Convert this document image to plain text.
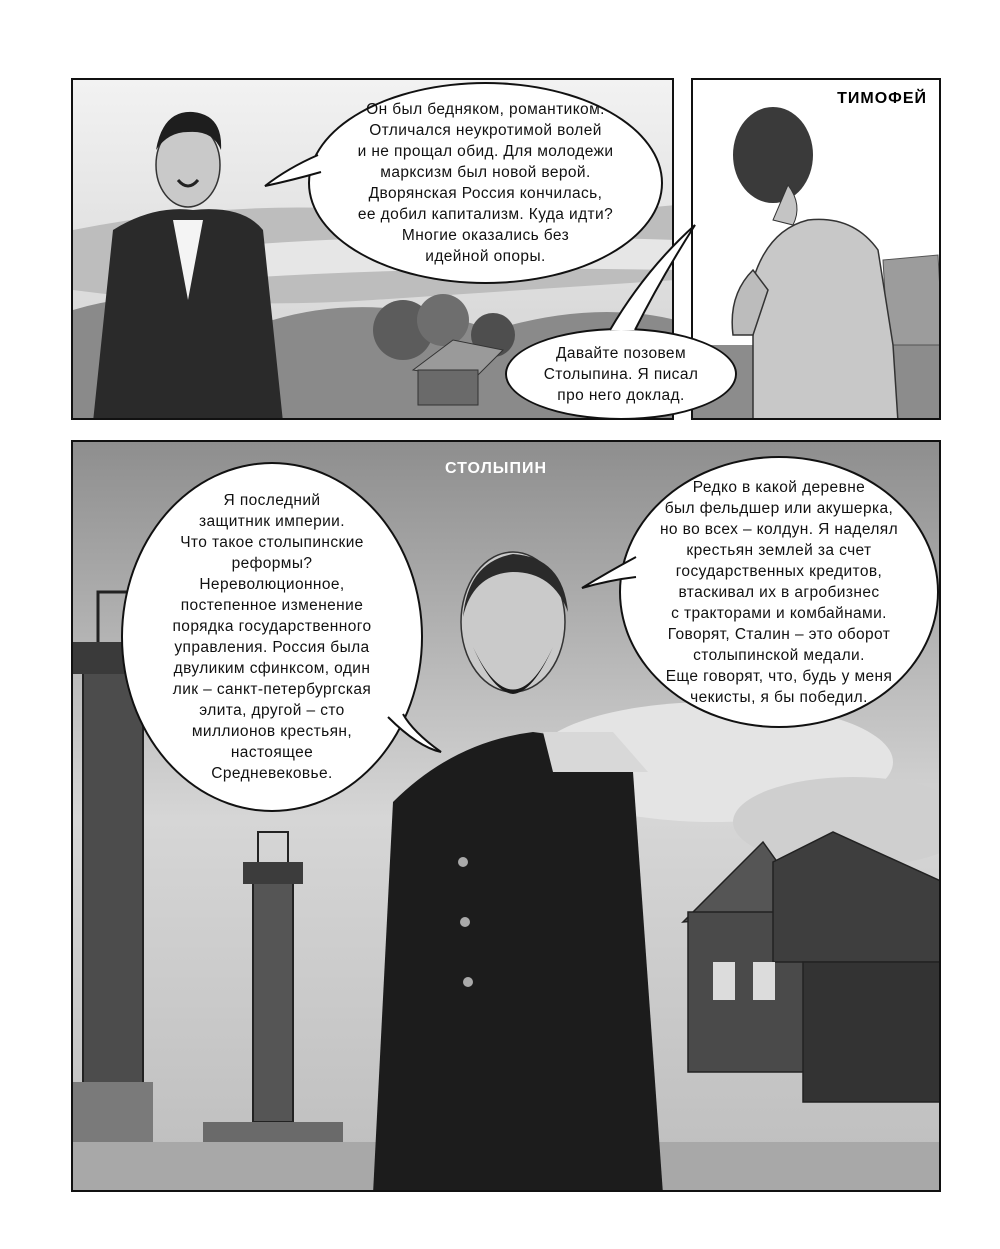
Он был бедняком, романтиком.
Отличался неукротимой волей
и не прощал обид. Для молодежи
марксизм был новой верой.
Дворянская Россия кончилась,
ее добил капитализм. Куда идти?
Многие оказались без
идейной опоры.

ТИМОФЕЙ

Давайте позовем
Столыпина. Я писал
про него доклад.

СТОЛЫПИН

Я последний
защитник империи.
Что такое столыпинские
реформы?
Нереволюционное,
постепенное изменение
порядка государственного
управления. Россия была
двуликим сфинксом, один
лик – санкт-петербургская
элита, другой – сто
миллионов крестьян,
настоящее
Средневековье.

Редко в какой деревне
был фельдшер или акушерка,
но во всех – колдун. Я наделял
крестьян землей за счет
государственных кредитов,
втаскивал их в агробизнес
с тракторами и комбайнами.
Говорят, Сталин – это оборот
столыпинской медали.
Еще говорят, что, будь у меня
чекисты, я бы победил.
